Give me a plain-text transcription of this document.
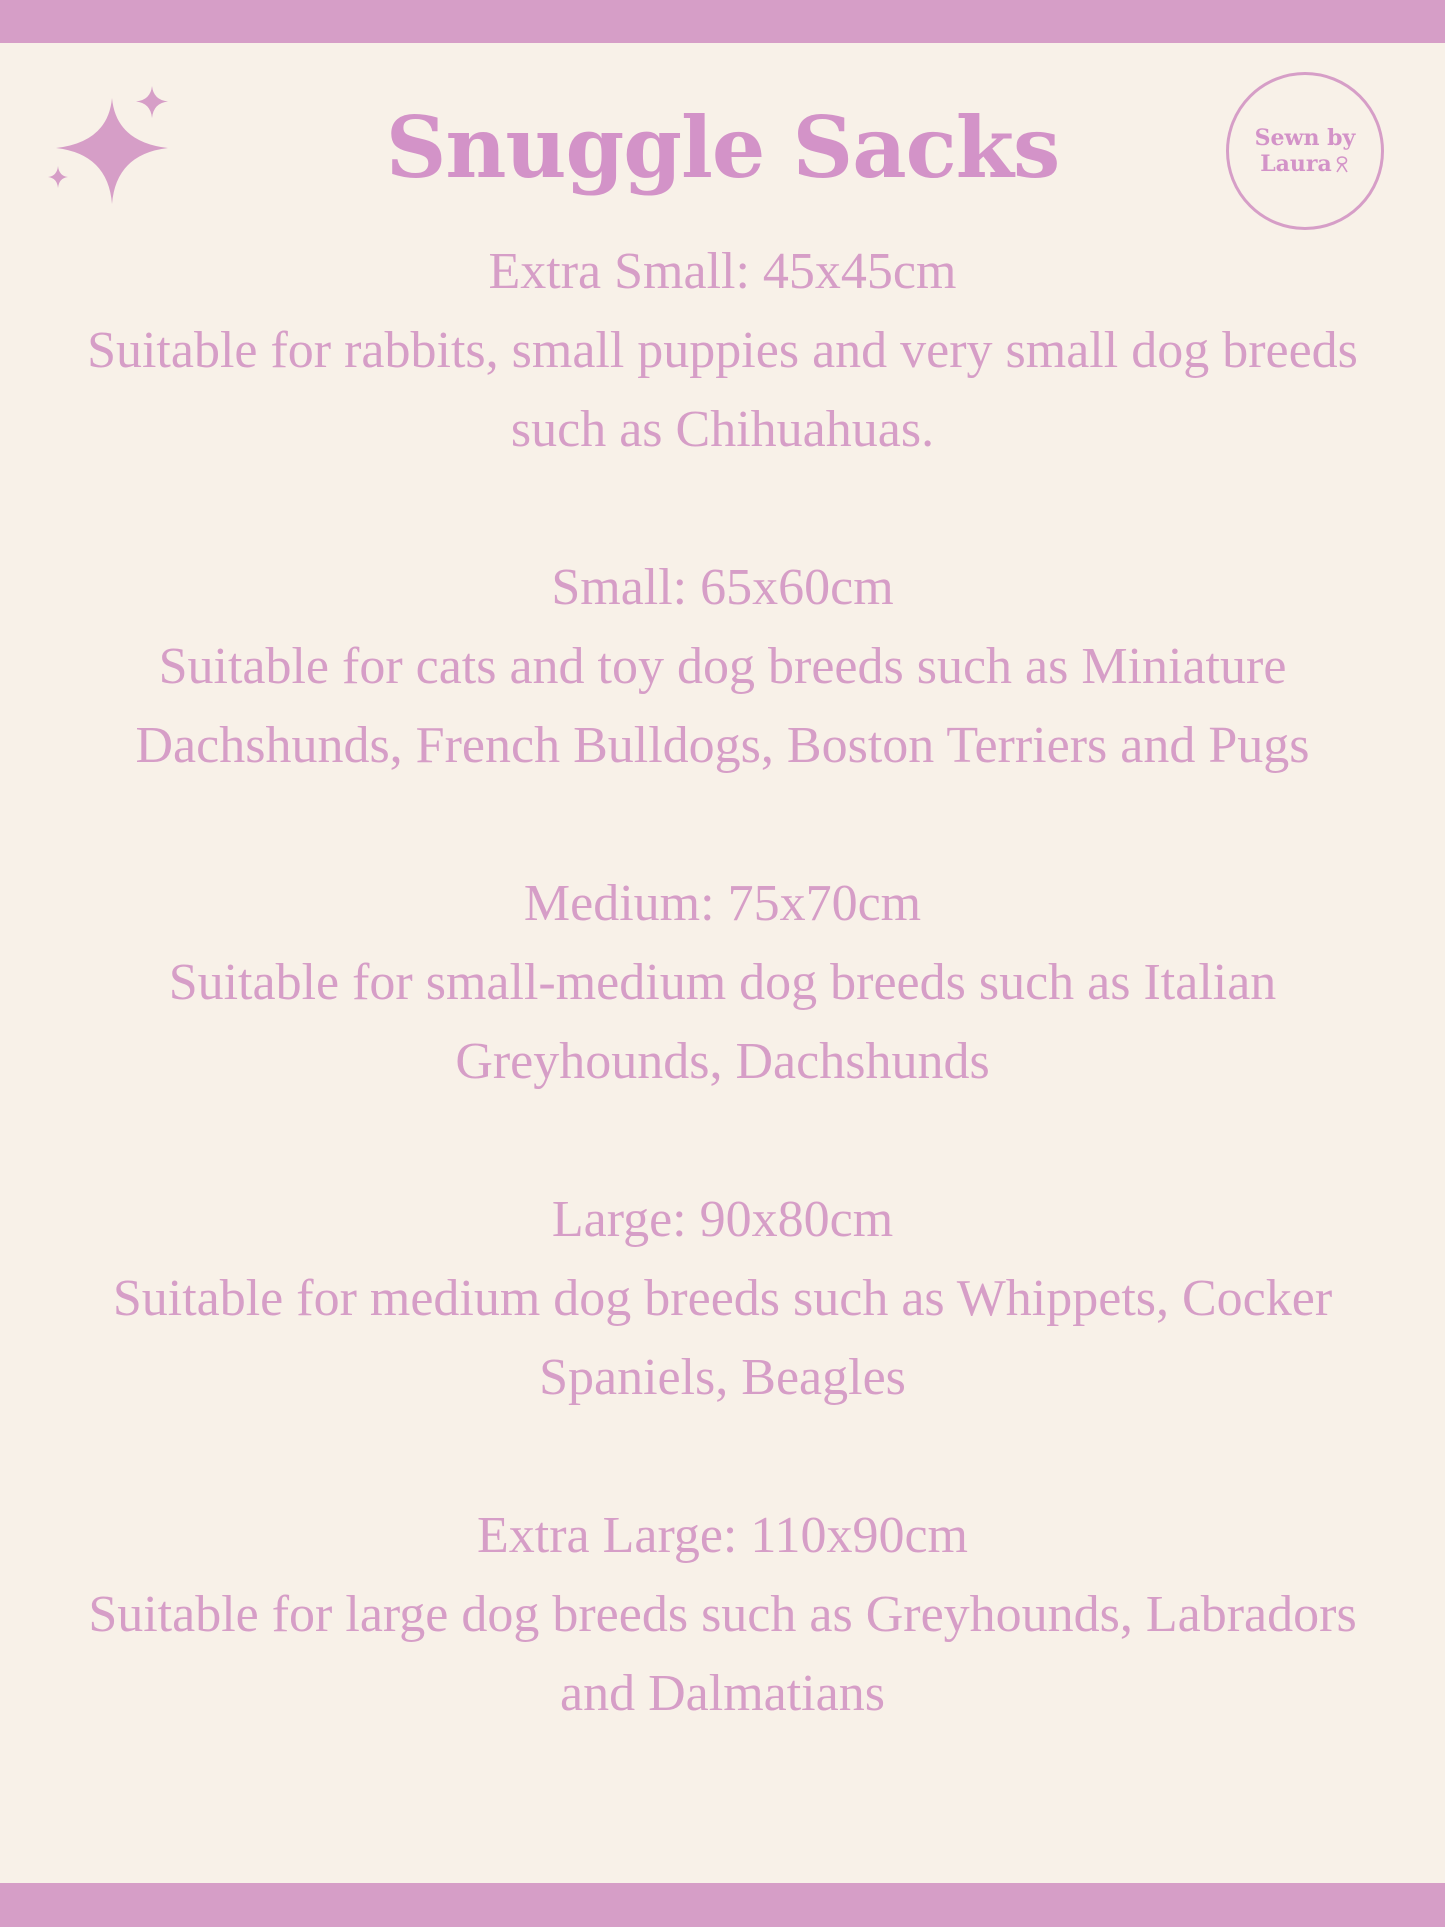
Snuggle Sacks	Sewn by
Laura

Extra Small: 45x45cm

Suitable for rabbits, small puppies and very small dog breeds such as Chihuahuas.

Small: 65x60cm

Suitable for cats and toy dog breeds such as Miniature Dachshunds, French Bulldogs, Boston Terriers and Pugs

Medium: 75x70cm

Suitable for small-medium dog breeds such as Italian Greyhounds, Dachshunds

Large: 90x80cm

Suitable for medium dog breeds such as Whippets, Cocker Spaniels, Beagles

Extra Large: 110x90cm

Suitable for large dog breeds such as Greyhounds, Labradors and Dalmatians
